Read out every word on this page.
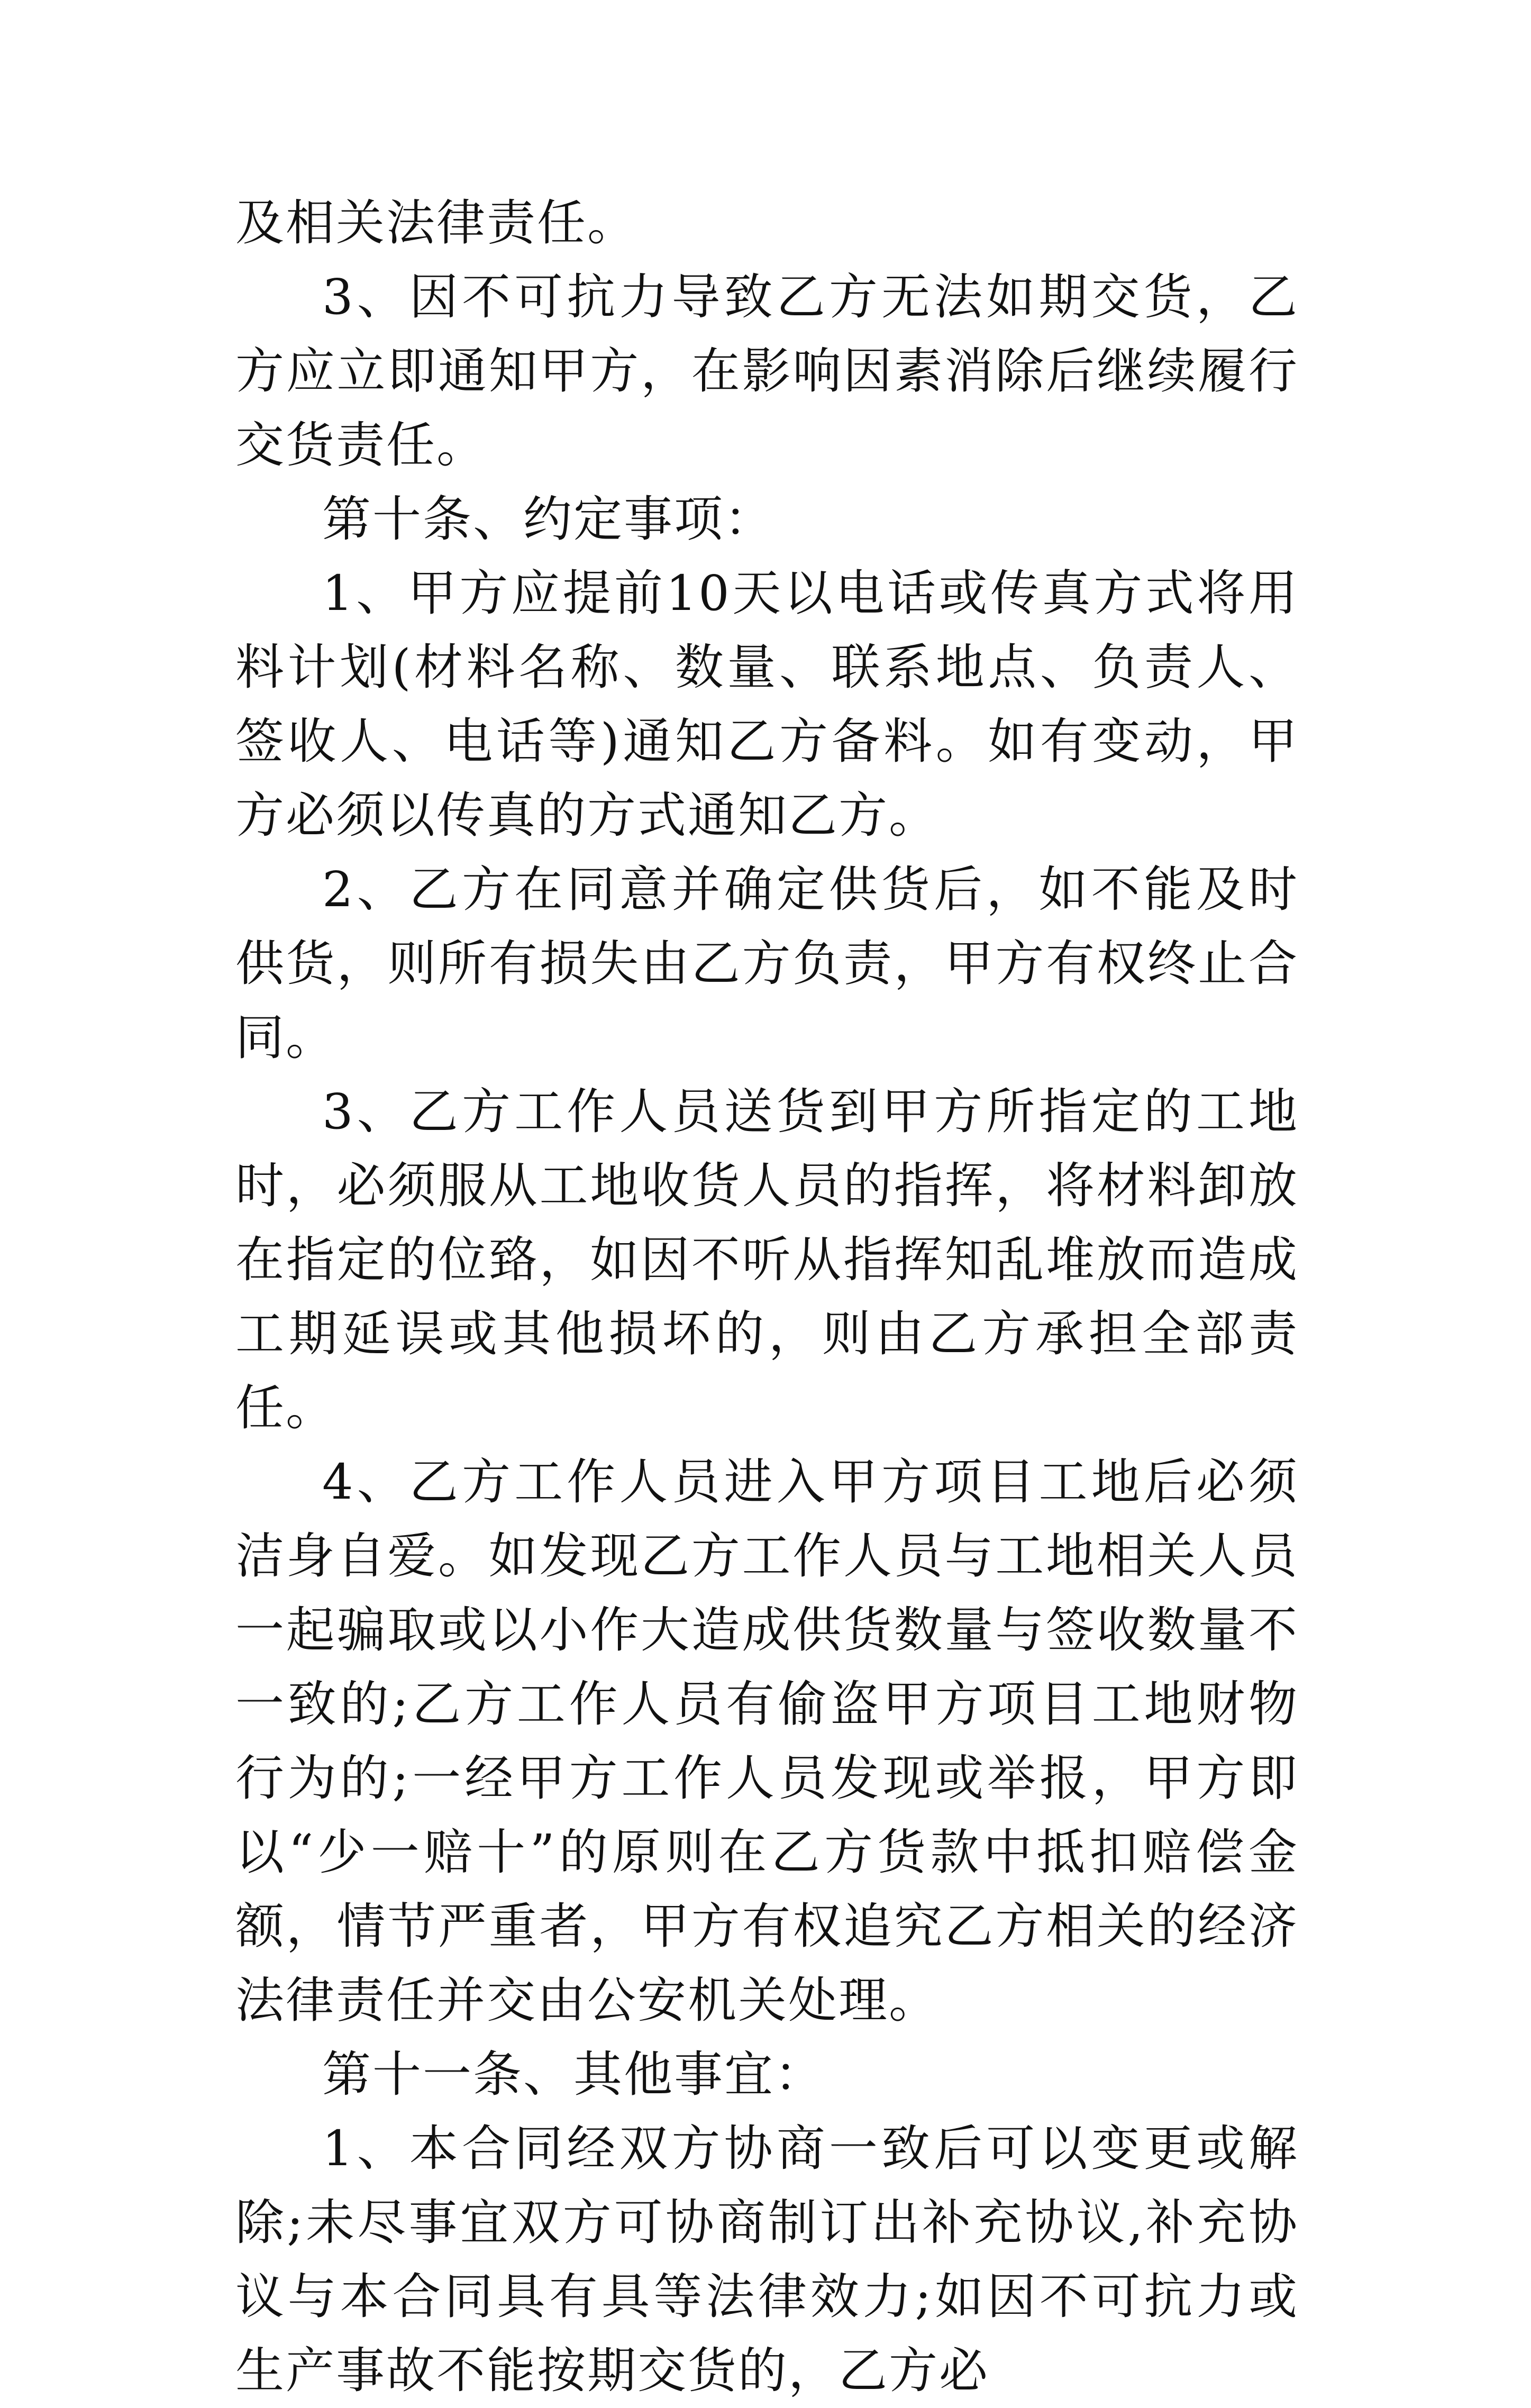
及相关法律责任。

3、因不可抗力导致乙方无法如期交货，乙方应立即通知甲方，在影响因素消除后继续履行交货责任。

第十条、约定事项：

1、甲方应提前10天以电话或传真方式将用料计划(材料名称、数量、联系地点、负责人、签收人、电话等)通知乙方备料。如有变动，甲方必须以传真的方式通知乙方。

2、乙方在同意并确定供货后，如不能及时供货，则所有损失由乙方负责，甲方有权终止合同。

3、乙方工作人员送货到甲方所指定的工地时，必须服从工地收货人员的指挥，将材料卸放在指定的位臵，如因不听从指挥知乱堆放而造成工期延误或其他损坏的，则由乙方承担全部责任。

4、乙方工作人员进入甲方项目工地后必须洁身自爱。如发现乙方工作人员与工地相关人员一起骗取或以小作大造成供货数量与签收数量不一致的;乙方工作人员有偷盗甲方项目工地财物行为的;一经甲方工作人员发现或举报，甲方即以“少一赔十”的原则在乙方货款中抵扣赔偿金额，情节严重者，甲方有权追究乙方相关的经济法律责任并交由公安机关处理。

第十一条、其他事宜：

1、本合同经双方协商一致后可以变更或解除;未尽事宜双方可协商制订出补充协议,补充协议与本合同具有具等法律效力;如因不可抗力或生产事故不能按期交货的，乙方必
